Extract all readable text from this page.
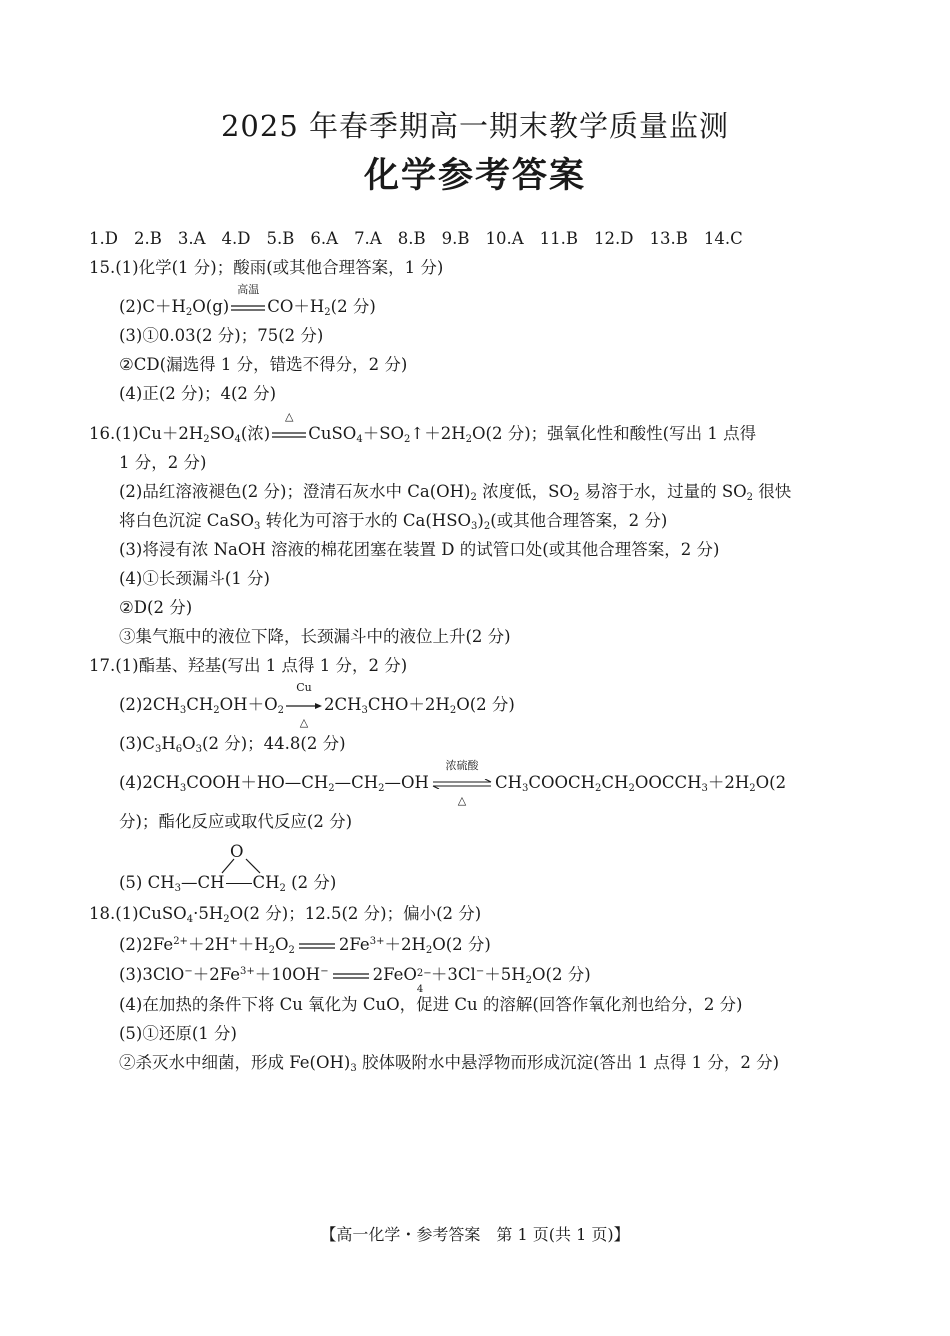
2025 年春季期高一期末教学质量监测
化学参考答案
1.D 2.B 3.A 4.D 5.B 6.A 7.A 8.B 9.B 10.A 11.B 12.D 13.B 14.C
15.(1)化学(1 分)；酸雨(或其他合理答案，1 分)
$(2)C+H_2O(g)$
高温
$CO+H_2(2$ 分)
(3)①0.03(2 分)；75(2 分)
②CD(漏选得 1 分，错选不得分，2 分)
(4)正(2 分)；4(2 分)
$16.(1)Cu+2H_2SO_4$(浓)
△
$CuSO_4+SO_2↑+2H_2O(2$ 分)；强氧化性和酸性(写出 1 点得
1 分，2 分)
(2)品红溶液褪色(2 分)；澄清石灰水中 $Ca(OH)_2$ 浓度低，$SO_2$ 易溶于水，过量的 $SO_2$ 很快
将白色沉淀 CaSO$_3$ 转化为可溶于水的 $Ca(HSO_3)_2$(或其他合理答案，2 分)
(3)将浸有浓 NaOH 溶液的棉花团塞在装置 D 的试管口处(或其他合理答案，2 分)
(4)①长颈漏斗(1 分)
②D(2 分)
③集气瓶中的液位下降，长颈漏斗中的液位上升(2 分)
17.(1)酯基、羟基(写出 1 点得 1 分，2 分)
$(2)2CH_3CH_2OH+O_2$
Cu
△
$2CH_3CHO+2H_2O(2$ 分)
$(3)C_3H_6O_3(2$ 分)；44.8(2 分)
$(4)2CH_3COOH+HO—CH_2—CH_2—OH$
浓硫酸
△
$CH_3COOCH_2CH_2OOCCH_3+2H_2O(2$
分)；酯化反应或取代反应(2 分)
(5) $CH_3—CH$ $CH_2$ (2 分)
O
$18.(1)CuSO_4\cdot 5H_2O(2$ 分)；12.5(2 分)；偏小(2 分)
$(2)2Fe^{2+}+2H^++H_2O_2$	$2Fe^{3+}+2H_2O(2$ 分)
$(3)3ClO^-+2Fe^{3+}+10OH^-$	2FeO 2−
4
$+3Cl^-+5H_2O(2$ 分)
(4)在加热的条件下将 Cu 氧化为 CuO，促进 Cu 的溶解(回答作氧化剂也给分，2 分)
(5)①还原(1 分)
②杀灭水中细菌，形成 $Fe(OH)_3$ 胶体吸附水中悬浮物而形成沉淀(答出 1 点得 1 分，2 分)
【高一化学・参考答案　第 1 页(共 1 页)】
